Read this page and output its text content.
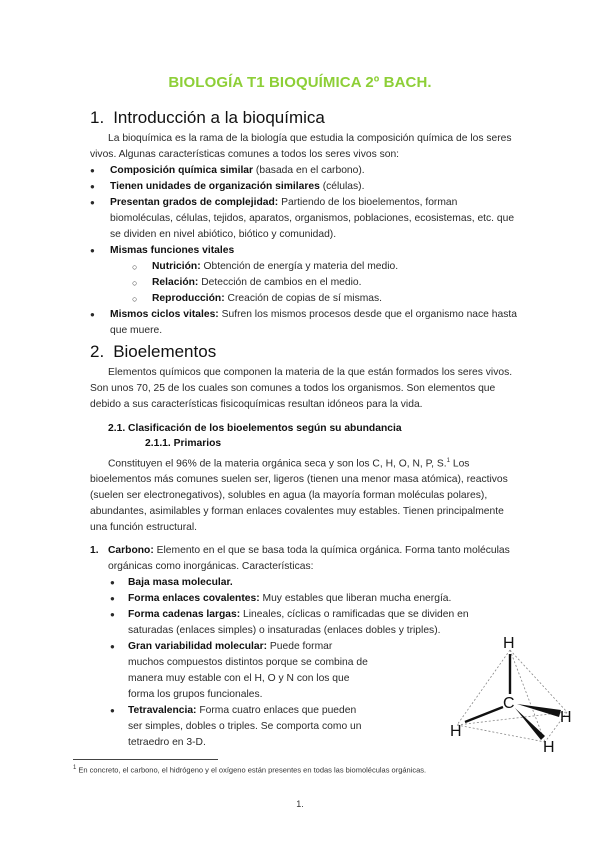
BIOLOGÍA T1 BIOQUÍMICA 2º BACH.
1. Introducción a la bioquímica

La bioquímica es la rama de la biología que estudia la composición química de los seres vivos. Algunas características comunes a todos los seres vivos son:

● Composición química similar (basada en el carbono).
● Tienen unidades de organización similares (células).
● Presentan grados de complejidad: Partiendo de los bioelementos, forman biomoléculas, células, tejidos, aparatos, organismos, poblaciones, ecosistemas, etc. que se dividen en nivel abiótico, biótico y comunidad).
● Mismas funciones vitales
○ Nutrición: Obtención de energía y materia del medio.
○ Relación: Detección de cambios en el medio.
○ Reproducción: Creación de copias de sí mismas.
● Mismos ciclos vitales: Sufren los mismos procesos desde que el organismo nace hasta que muere.
2. Bioelementos

Elementos químicos que componen la materia de la que están formados los seres vivos. Son unos 70, 25 de los cuales son comunes a todos los organismos. Son elementos que debido a sus características fisicoquímicas resultan idóneos para la vida.

2.1. Clasificación de los bioelementos según su abundancia
2.1.1. Primarios

Constituyen el 96% de la materia orgánica seca y son los C, H, O, N, P, S.$^1$ Los bioelementos más comunes suelen ser, ligeros (tienen una menor masa atómica), reactivos (suelen ser electronegativos), solubles en agua (la mayoría forman moléculas polares), abundantes, asimilables y forman enlaces covalentes muy estables. Tienen principalmente una función estructural.

1. Carbono: Elemento en el que se basa toda la química orgánica. Forma tanto moléculas orgánicas como inorgánicas. Características:
● Baja masa molecular.
● Forma enlaces covalentes: Muy estables que liberan mucha energía.
● Forma cadenas largas: Lineales, cíclicas o ramificadas que se dividen en saturadas (enlaces simples) o insaturadas (enlaces dobles y triples).
● Gran variabilidad molecular: Puede formar muchos compuestos distintos porque se combina de manera muy estable con el H, O y N con los que forma los grupos funcionales.
● Tetravalencia: Forma cuatro enlaces que pueden ser simples, dobles o triples. Se comporta como un tetraedro en 3-D.
H
C
H
H
H
$^1$ En concreto, el carbono, el hidrógeno y el oxígeno están presentes en todas las biomoléculas orgánicas.
1.
